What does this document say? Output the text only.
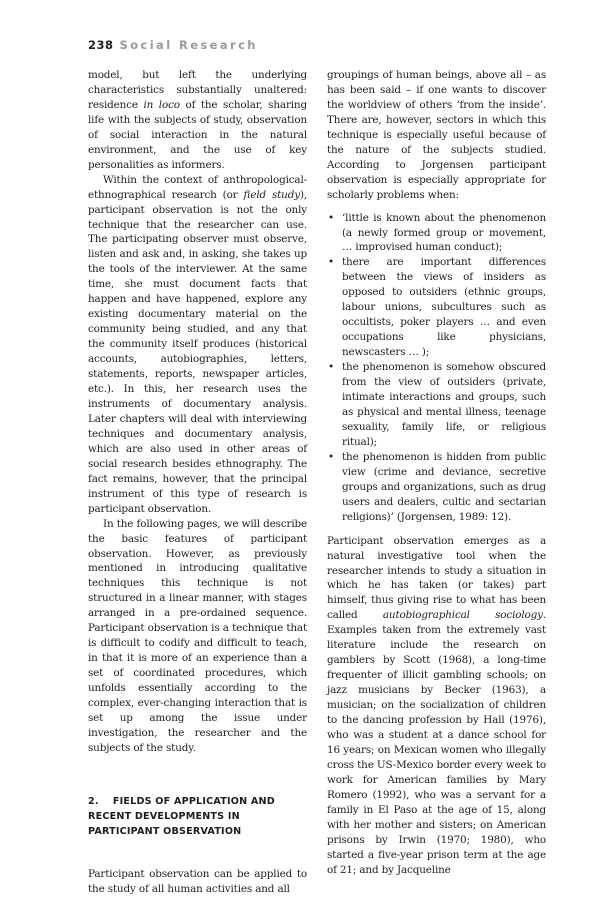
238 Social Research

model, but left the underlying characteristics substantially unaltered: residence in loco of the scholar, sharing life with the subjects of study, observation of social interaction in the natural environment, and the use of key personalities as informers.

Within the context of anthropological-ethnographical research (or field study), participant observation is not the only technique that the researcher can use. The participating observer must observe, listen and ask and, in asking, she takes up the tools of the interviewer. At the same time, she must document facts that happen and have happened, explore any existing documentary material on the community being studied, and any that the community itself produces (historical accounts, autobiographies, letters, statements, reports, newspaper articles, etc.). In this, her research uses the instruments of documentary analysis. Later chapters will deal with interviewing techniques and documentary analysis, which are also used in other areas of social research besides ethnography. The fact remains, however, that the principal instrument of this type of research is participant observation.

In the following pages, we will describe the basic features of participant observation. However, as previously mentioned in introducing qualitative techniques this technique is not structured in a linear manner, with stages arranged in a pre-ordained sequence. Participant observation is a technique that is difficult to codify and difficult to teach, in that it is more of an experience than a set of coordinated procedures, which unfolds essentially according to the complex, ever-changing interaction that is set up among the issue under investigation, the researcher and the subjects of the study.

2. FIELDS OF APPLICATION AND
RECENT DEVELOPMENTS IN
PARTICIPANT OBSERVATION

Participant observation can be applied to the study of all human activities and all

groupings of human beings, above all – as has been said – if one wants to discover the worldview of others ‘from the inside’. There are, however, sectors in which this technique is especially useful because of the nature of the subjects studied. According to Jorgensen participant observation is especially appropriate for scholarly problems when:

• ‘little is known about the phenomenon (a newly formed group or movement, … improvised human conduct);
• there are important differences between the views of insiders as opposed to outsiders (ethnic groups, labour unions, subcultures such as occultists, poker players … and even occupations like physicians, newscasters … );
• the phenomenon is somehow obscured from the view of outsiders (private, intimate interactions and groups, such as physical and mental illness, teenage sexuality, family life, or religious ritual);
• the phenomenon is hidden from public view (crime and deviance, secretive groups and organizations, such as drug users and dealers, cultic and sectarian religions)’ (Jorgensen, 1989: 12).

Participant observation emerges as a natural investigative tool when the researcher intends to study a situation in which he has taken (or takes) part himself, thus giving rise to what has been called autobiographical sociology. Examples taken from the extremely vast literature include the research on gamblers by Scott (1968), a long-time frequenter of illicit gambling schools; on jazz musicians by Becker (1963), a musician; on the socialization of children to the dancing profession by Hall (1976), who was a student at a dance school for 16 years; on Mexican women who illegally cross the US-Mexico border every week to work for American families by Mary Romero (1992), who was a servant for a family in El Paso at the age of 15, along with her mother and sisters; on American prisons by Irwin (1970; 1980), who started a five-year prison term at the age of 21; and by Jacqueline
